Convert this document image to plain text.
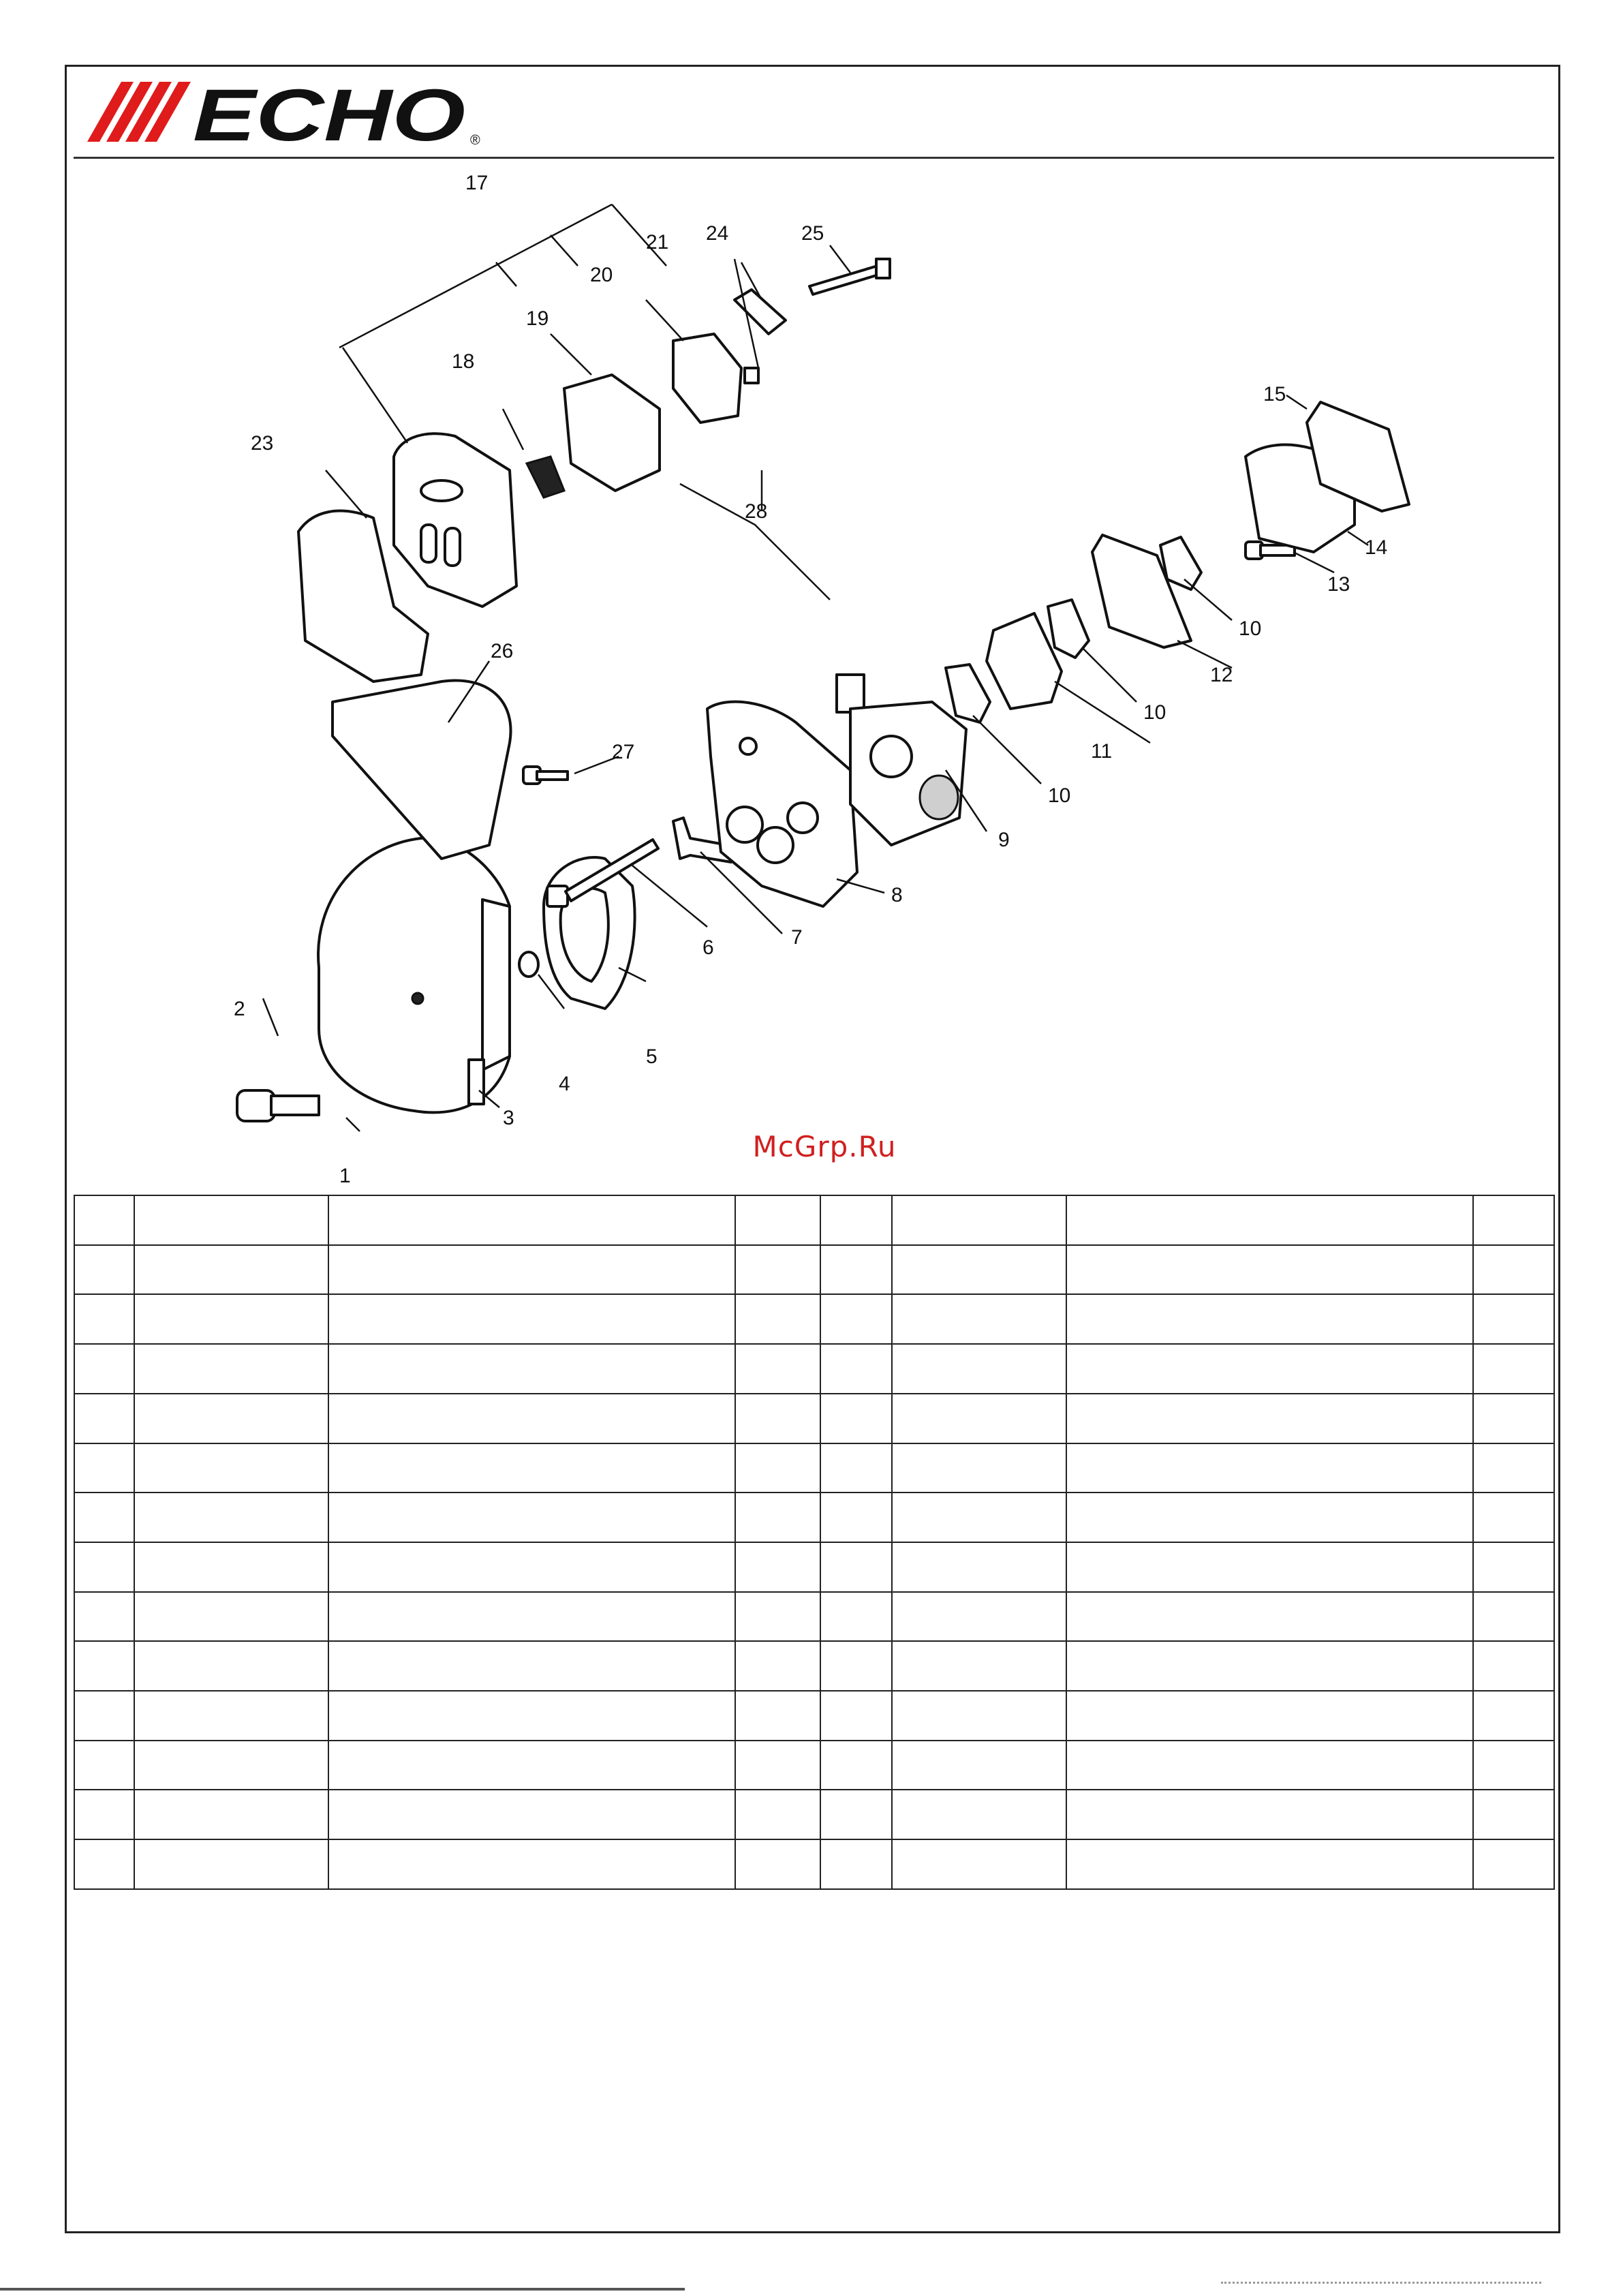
ECHO ®
1
2
3
4
5
6	7
8
9
10
10
10
11
12
13
14
15
17
18
19
20
21
23
24	25
26
27
28
McGrp.Ru
